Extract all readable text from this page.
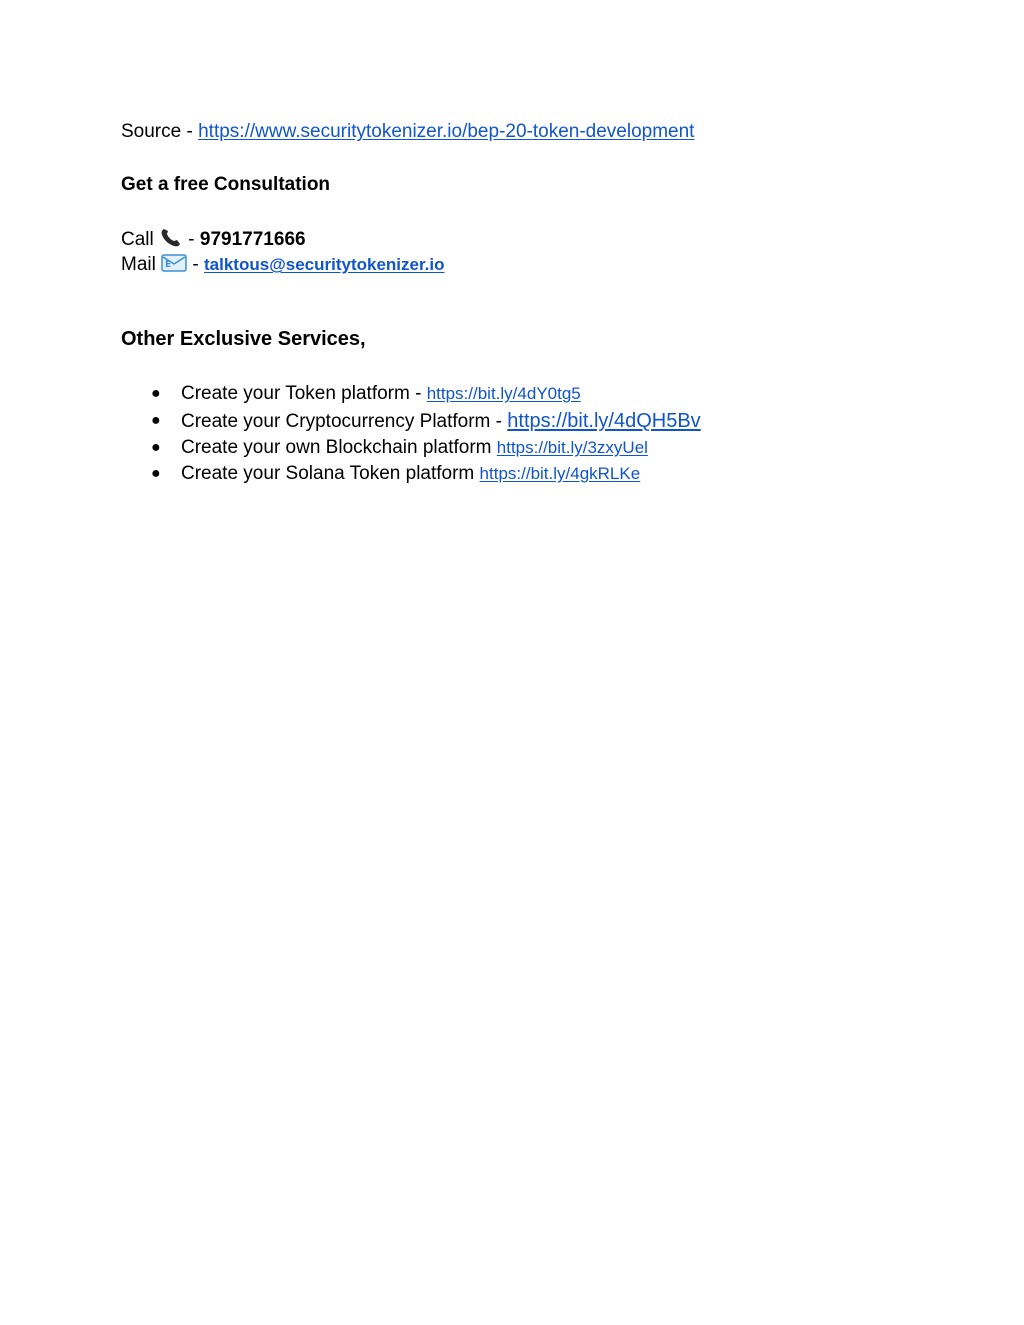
Source - https://www.securitytokenizer.io/bep-20-token-development
Get a free Consultation
Call  - 9791771666
Mail E - talktous@securitytokenizer.io
Other Exclusive Services,
● Create your Token platform - https://bit.ly/4dY0tg5
● Create your Cryptocurrency Platform - https://bit.ly/4dQH5Bv
● Create your own Blockchain platform https://bit.ly/3zxyUel
● Create your Solana Token platform https://bit.ly/4gkRLKe
